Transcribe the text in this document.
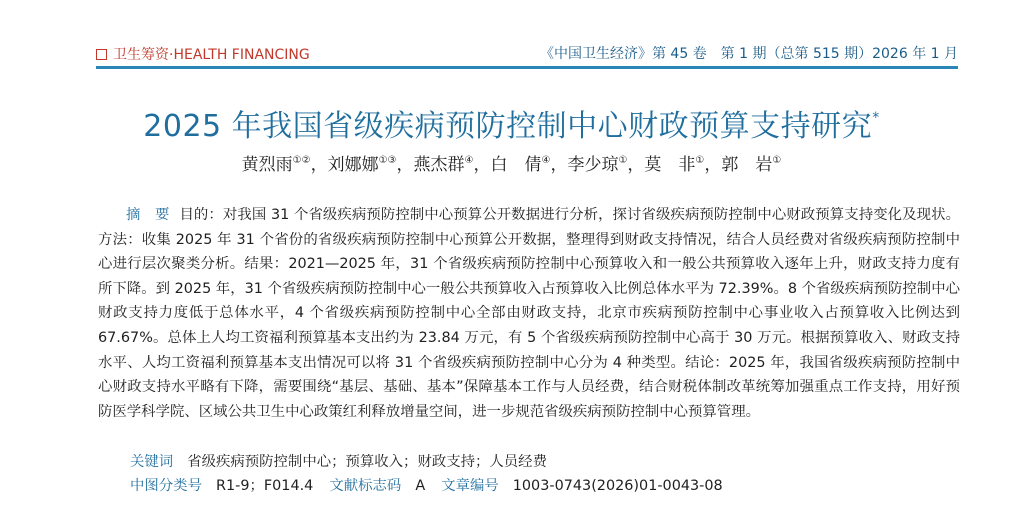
卫生筹资·HEALTH FINANCING	《中国卫生经济》第 45 卷　第 1 期（总第 515 期）2026 年 1 月
2025 年我国省级疾病预防控制中心财政预算支持研究*
黄烈雨①②，刘娜娜①③，燕杰群④，白　倩④，李少琼①，莫　非①，郭　岩①
摘　要 目的：对我国 31 个省级疾病预防控制中心预算公开数据进行分析，探讨省级疾病预防控制中心财政预算支持变化及现状。方法：收集 2025 年 31 个省份的省级疾病预防控制中心预算公开数据，整理得到财政支持情况，结合人员经费对省级疾病预防控制中心进行层次聚类分析。结果：2021—2025 年，31 个省级疾病预防控制中心预算收入和一般公共预算收入逐年上升，财政支持力度有所下降。到 2025 年，31 个省级疾病预防控制中心一般公共预算收入占预算收入比例总体水平为 72.39%。8 个省级疾病预防控制中心财政支持力度低于总体水平，4 个省级疾病预防控制中心全部由财政支持，北京市疾病预防控制中心事业收入占预算收入比例达到 67.67%。总体上人均工资福利预算基本支出约为 23.84 万元，有 5 个省级疾病预防控制中心高于 30 万元。根据预算收入、财政支持水平、人均工资福利预算基本支出情况可以将 31 个省级疾病预防控制中心分为 4 种类型。结论：2025 年，我国省级疾病预防控制中心财政支持水平略有下降，需要围绕“基层、基础、基本”保障基本工作与人员经费，结合财税体制改革统筹加强重点工作支持，用好预防医学科学院、区域公共卫生中心政策红利释放增量空间，进一步规范省级疾病预防控制中心预算管理。
关键词 省级疾病预防控制中心；预算收入；财政支持；人员经费
中图分类号 R1-9；F014.4 文献标志码 A 文章编号 1003-0743(2026)01-0043-08
